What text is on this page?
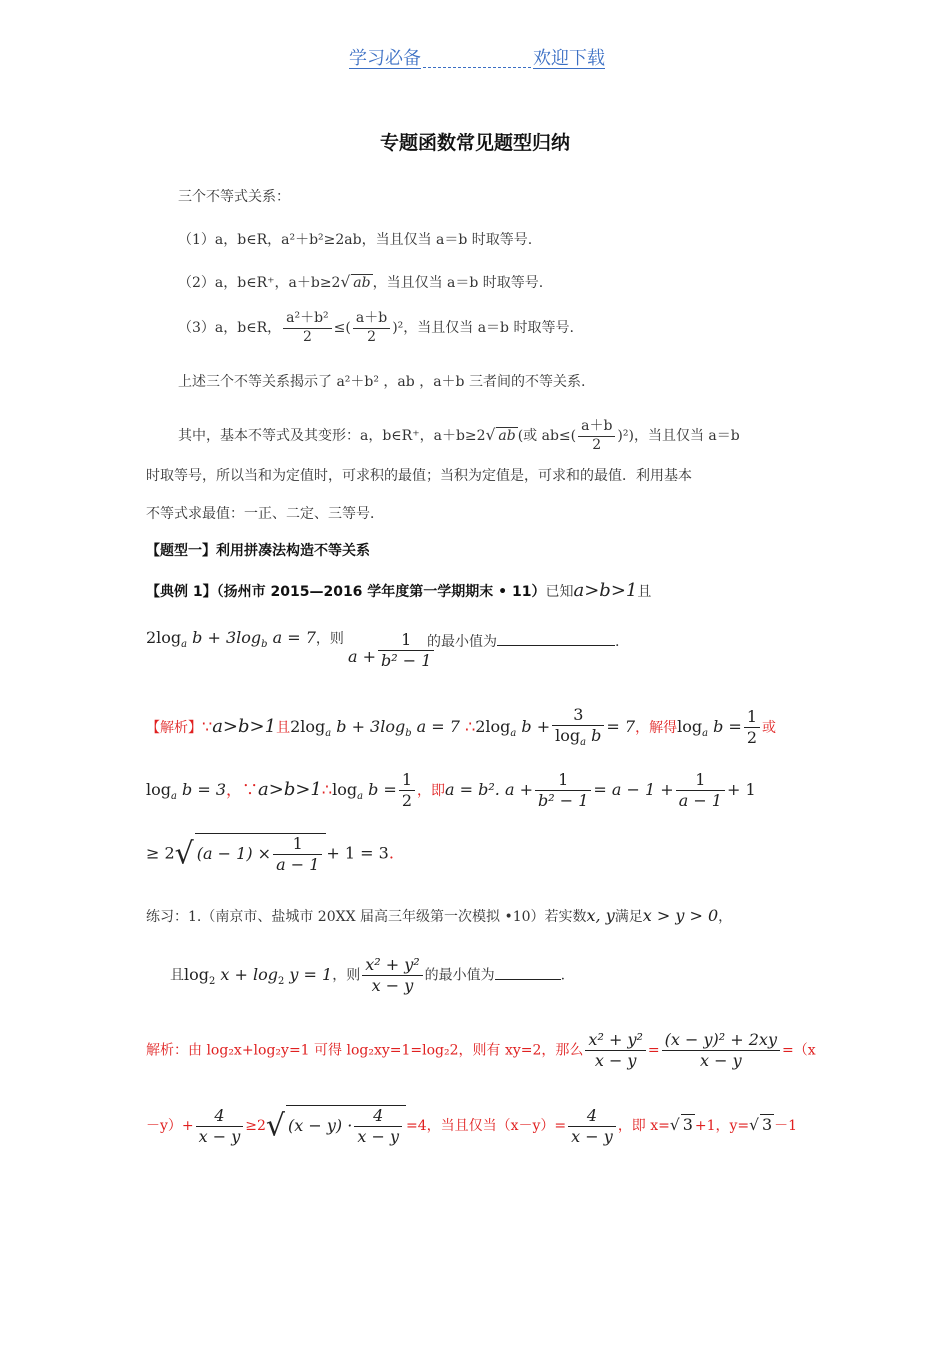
学习必备	欢迎下载
专题函数常见题型归纳
三个不等式关系：
（1）a，b∈R，a²＋b²≥2ab，当且仅当 a＝b 时取等号.
（2）a，b∈R⁺，a＋b≥2√ ab ，当且仅当 a＝b 时取等号.
（3）a，b∈R， $\frac{\text{a²＋b²}}{2}$ ≤( $\frac{a+b}{2} )^2$，当且仅当 a＝b 时取等号.
上述三个不等关系揭示了 a²＋b² ，ab ，a＋b 三者间的不等关系.
其中，基本不等式及其变形：a，b∈R⁺，a＋b≥2√ ab (或 $ab\le( \frac{a+b}{2} )^2$)，当且仅当 a＝b
时取等号，所以当和为定值时，可求积的最值；当积为定值是，可求和的最值．利用基本
不等式求最值：一正、二定、三等号．
【题型一】利用拼凑法构造不等关系
【典例 1】（扬州市 2015—2016 学年度第一学期期末 • 11）已知a>b>1且
$2\log_a$ $b + 3\log_b$ a = 7，则
$a + \frac{1}{\text{b² − 1}}$
的最小值为	.
【解析】∵a>b>1且$2\log_a$ $b + 3\log_b$ a = 7 $\therefore 2\log_a$ $b + \frac{3}{\log_a b} = 7$，解得$\log_a b = \frac{1}{2}$ 或
$\log_a b = 3$，$\because a>b>1\therefore\log_a$ $b = \frac{1}{2}$ ，即a = b². $a + \frac{1}{\text{b² − 1}} = a - 1 + \frac{1}{a - 1} + 1$
≥ 2√ $(a - 1) \times \frac{1}{a - 1} + 1 = 3$.
练习：1.（南京市、盐城市 20XX 届高三年级第一次模拟 •10）若实数x, y满足x > y > 0，
且$\log_2 x + \log_2 y = 1$，则 $\frac{\text{x² + y²}}{x - y}$ 的最小值为	.
解析：由 log₂x+log₂y=1 可得 log₂xy=1=log₂2，则有 xy=2，那么 $\frac{\text{x² + y²}}{x - y} = \frac{\text{(x − y)² + 2xy}}{x - y} =(x$
$-y)+ \frac{4}{x - y} \ge 2√$ $(x - y) \cdot \frac{4}{x - y} =4$，当且仅当$(x-y)= \frac{4}{x - y}$ ，即 x=√ 3 +1，y=√ 3 －1
